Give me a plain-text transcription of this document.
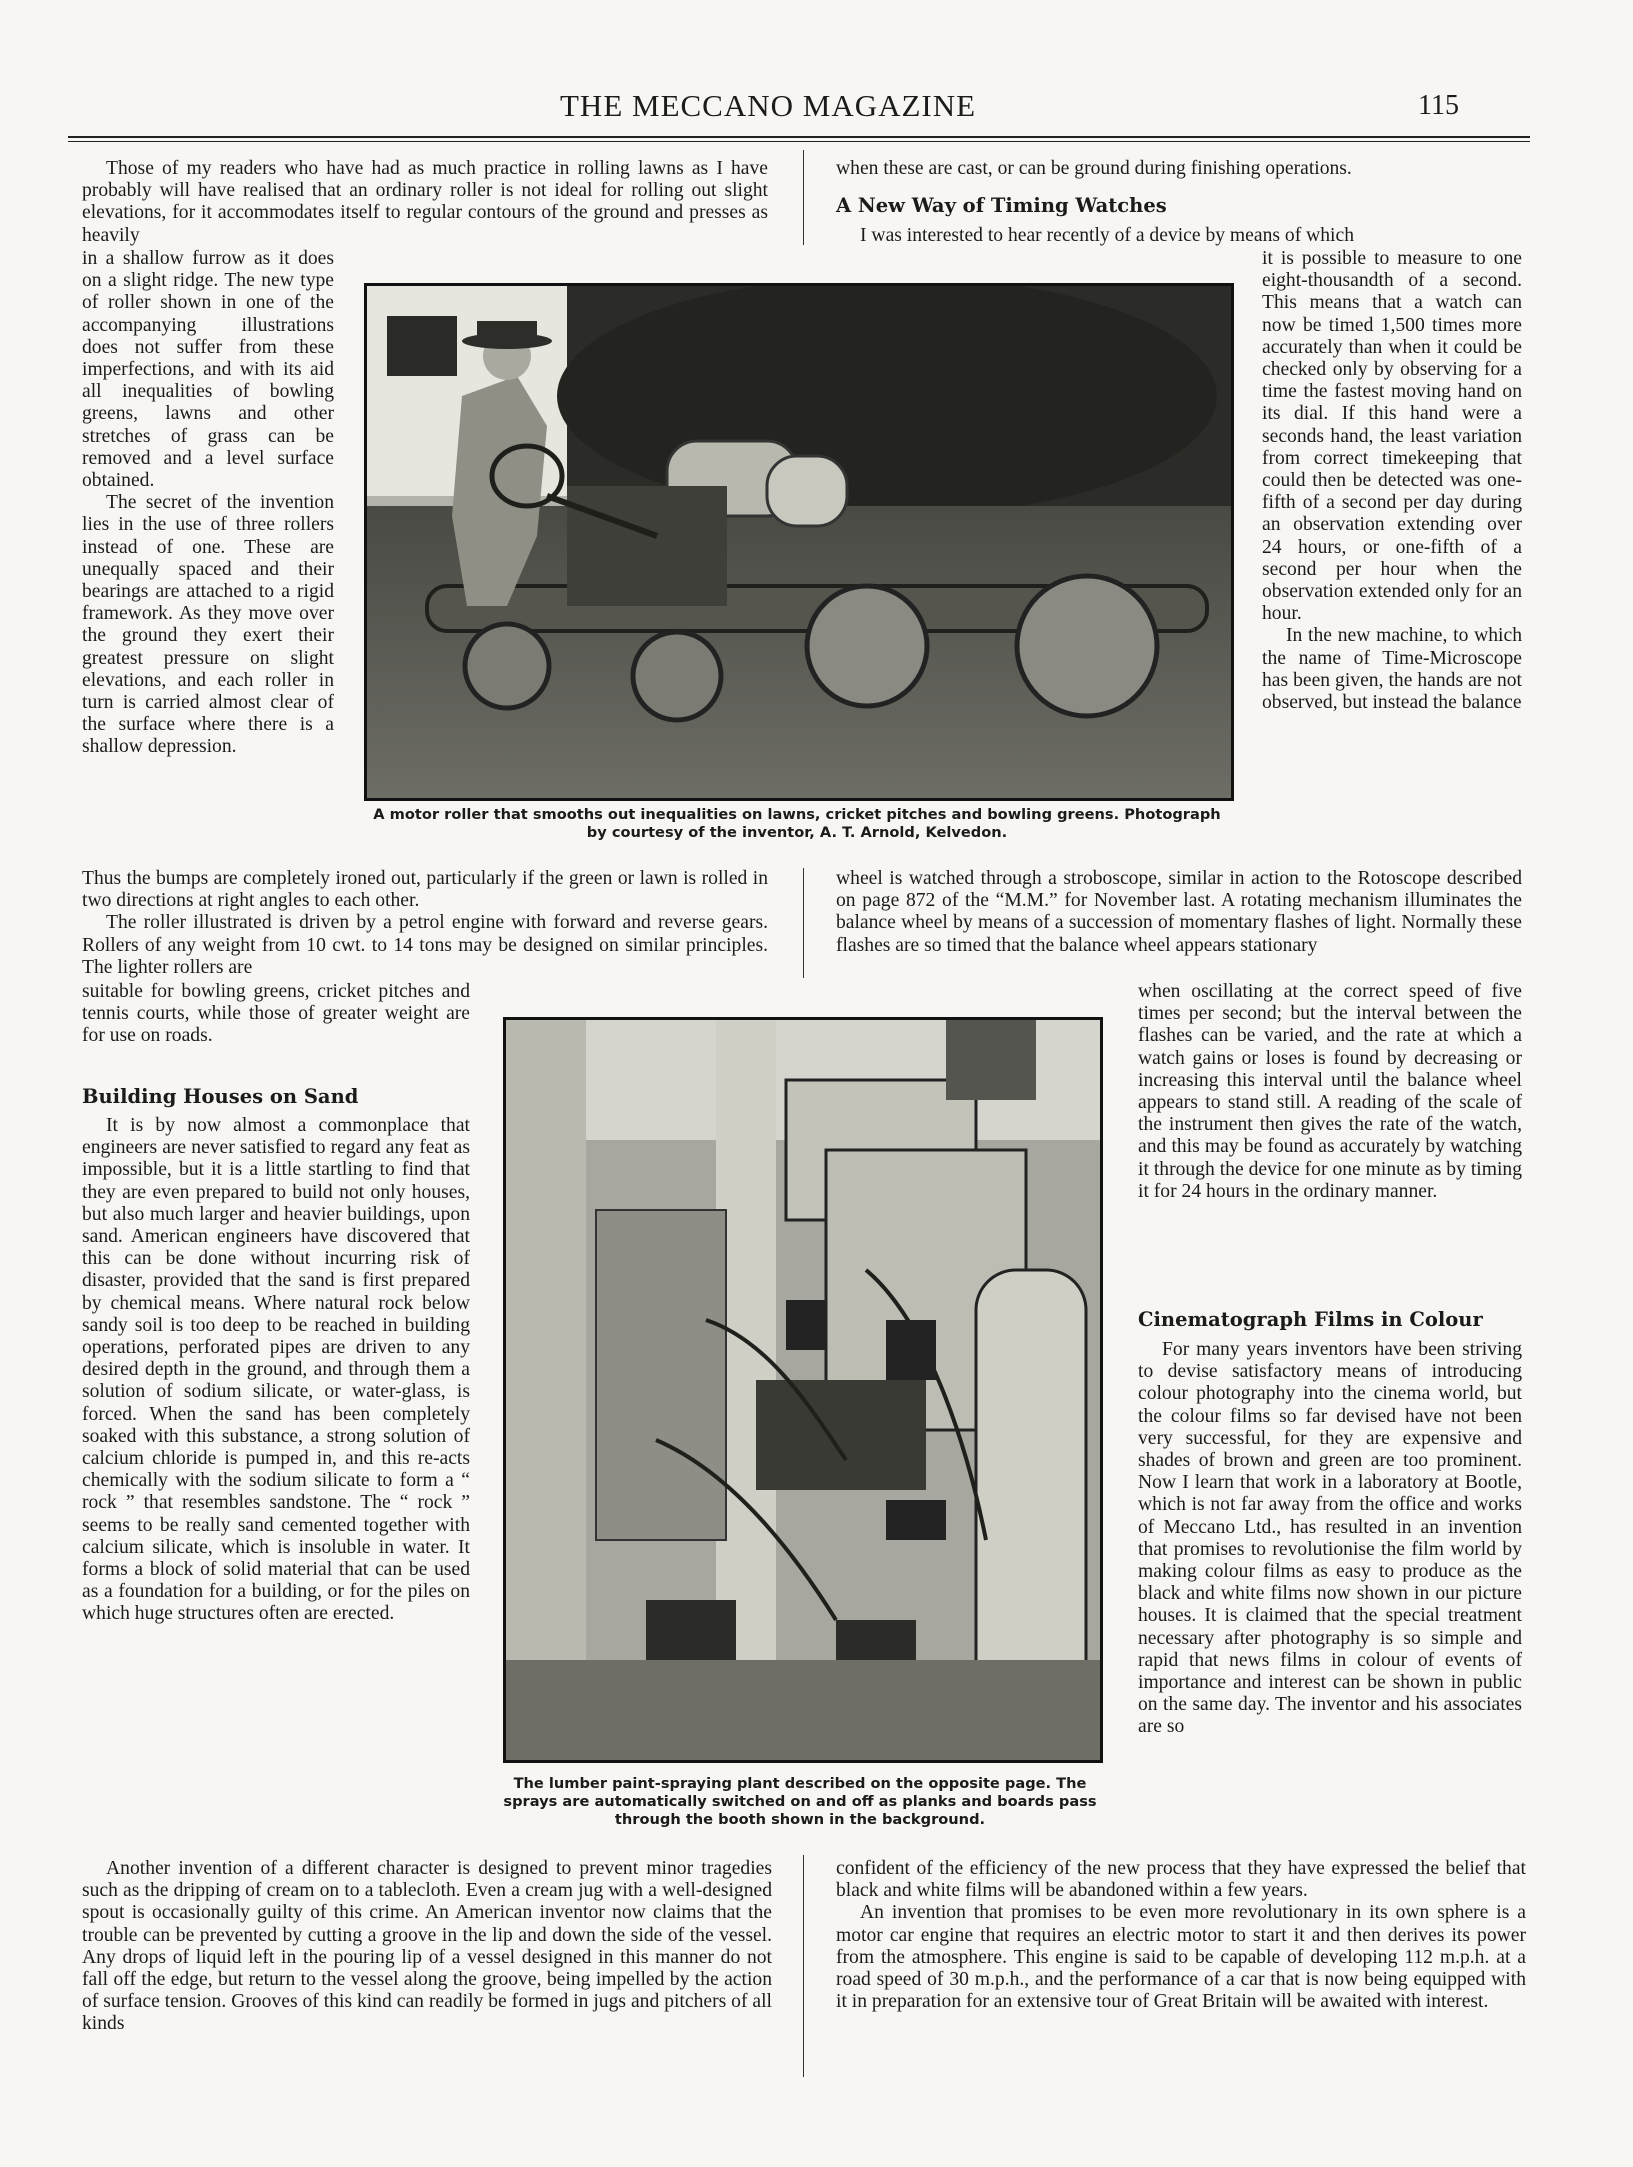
THE MECCANO MAGAZINE	115

Those of my readers who have had as much practice in rolling lawns as I have probably will have realised that an ordinary roller is not ideal for rolling out slight elevations, for it accommodates itself to regular contours of the ground and presses as heavily

in a shallow furrow as it does on a slight ridge. The new type of roller shown in one of the accompanying illustrations does not suffer from these imperfections, and with its aid all inequalities of bowling greens, lawns and other stretches of grass can be removed and a level surface obtained.

The secret of the invention lies in the use of three rollers instead of one. These are unequally spaced and their bearings are attached to a rigid framework. As they move over the ground they exert their greatest pressure on slight elevations, and each roller in turn is carried almost clear of the surface where there is a shallow depression.

A motor roller that smooths out inequalities on lawns, cricket pitches and bowling greens. Photograph by courtesy of the inventor, A. T. Arnold, Kelvedon.

Thus the bumps are completely ironed out, particularly if the green or lawn is rolled in two directions at right angles to each other.

The roller illustrated is driven by a petrol engine with forward and reverse gears. Rollers of any weight from 10 cwt. to 14 tons may be designed on similar principles. The lighter rollers are

suitable for bowling greens, cricket pitches and tennis courts, while those of greater weight are for use on roads.

Building Houses on Sand

It is by now almost a commonplace that engineers are never satisfied to regard any feat as impossible, but it is a little startling to find that they are even prepared to build not only houses, but also much larger and heavier buildings, upon sand. American engineers have discovered that this can be done without incurring risk of disaster, provided that the sand is first prepared by chemical means. Where natural rock below sandy soil is too deep to be reached in building operations, perforated pipes are driven to any desired depth in the ground, and through them a solution of sodium silicate, or water-glass, is forced. When the sand has been completely soaked with this substance, a strong solution of calcium chloride is pumped in, and this re-acts chemically with the sodium silicate to form a “ rock ” that resembles sandstone. The “ rock ” seems to be really sand cemented together with calcium silicate, which is insoluble in water. It forms a block of solid material that can be used as a foundation for a building, or for the piles on which huge structures often are erected.

The lumber paint-spraying plant described on the opposite page. The sprays are automatically switched on and off as planks and boards pass through the booth shown in the background.

Another invention of a different character is designed to prevent minor tragedies such as the dripping of cream on to a tablecloth. Even a cream jug with a well-designed spout is occasionally guilty of this crime. An American inventor now claims that the trouble can be prevented by cutting a groove in the lip and down the side of the vessel. Any drops of liquid left in the pouring lip of a vessel designed in this manner do not fall off the edge, but return to the vessel along the groove, being impelled by the action of surface tension. Grooves of this kind can readily be formed in jugs and pitchers of all kinds

when these are cast, or can be ground during finishing operations.

A New Way of Timing Watches

I was interested to hear recently of a device by means of which

it is possible to measure to one eight-thousandth of a second. This means that a watch can now be timed 1,500 times more accurately than when it could be checked only by observing for a time the fastest moving hand on its dial. If this hand were a seconds hand, the least variation from correct timekeeping that could then be detected was one-fifth of a second per day during an observation extending over 24 hours, or one-fifth of a second per hour when the observation extended only for an hour.

In the new machine, to which the name of Time-Microscope has been given, the hands are not observed, but instead the balance

wheel is watched through a stroboscope, similar in action to the Rotoscope described on page 872 of the “M.M.” for November last. A rotating mechanism illuminates the balance wheel by means of a succession of momentary flashes of light. Normally these flashes are so timed that the balance wheel appears stationary

when oscillating at the correct speed of five times per second; but the interval between the flashes can be varied, and the rate at which a watch gains or loses is found by decreasing or increasing this interval until the balance wheel appears to stand still. A reading of the scale of the instrument then gives the rate of the watch, and this may be found as accurately by watching it through the device for one minute as by timing it for 24 hours in the ordinary manner.

Cinematograph Films in Colour

For many years inventors have been striving to devise satisfactory means of introducing colour photography into the cinema world, but the colour films so far devised have not been very successful, for they are expensive and shades of brown and green are too prominent. Now I learn that work in a laboratory at Bootle, which is not far away from the office and works of Meccano Ltd., has resulted in an invention that promises to revolutionise the film world by making colour films as easy to produce as the black and white films now shown in our picture houses. It is claimed that the special treatment necessary after photography is so simple and rapid that news films in colour of events of importance and interest can be shown in public on the same day. The inventor and his associates are so

confident of the efficiency of the new process that they have expressed the belief that black and white films will be abandoned within a few years.

An invention that promises to be even more revolutionary in its own sphere is a motor car engine that requires an electric motor to start it and then derives its power from the atmosphere. This engine is said to be capable of developing 112 m.p.h. at a road speed of 30 m.p.h., and the performance of a car that is now being equipped with it in preparation for an extensive tour of Great Britain will be awaited with interest.
